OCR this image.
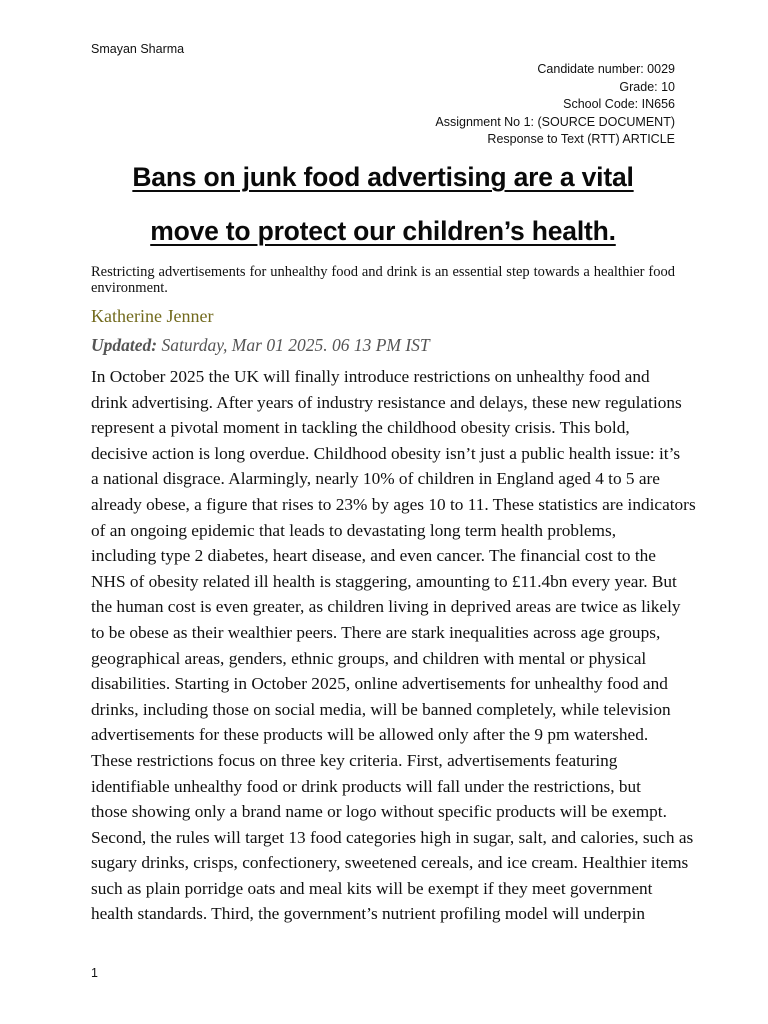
Smayan Sharma
Candidate number: 0029
Grade: 10
School Code: IN656
Assignment No 1: (SOURCE DOCUMENT)
Response to Text (RTT) ARTICLE
Bans on junk food advertising are a vital
move to protect our children’s health.
Restricting advertisements for unhealthy food and drink is an essential step towards a healthier food environment.
Katherine Jenner
Updated: Saturday, Mar 01 2025. 06 13 PM IST
In October 2025 the UK will finally introduce restrictions on unhealthy food and
drink advertising. After years of industry resistance and delays, these new regulations
represent a pivotal moment in tackling the childhood obesity crisis. This bold,
decisive action is long overdue. Childhood obesity isn’t just a public health issue: it’s
a national disgrace. Alarmingly, nearly 10% of children in England aged 4 to 5 are
already obese, a figure that rises to 23% by ages 10 to 11. These statistics are indicators
of an ongoing epidemic that leads to devastating long term health problems,
including type 2 diabetes, heart disease, and even cancer. The financial cost to the
NHS of obesity related ill health is staggering, amounting to £11.4bn every year. But
the human cost is even greater, as children living in deprived areas are twice as likely
to be obese as their wealthier peers. There are stark inequalities across age groups,
geographical areas, genders, ethnic groups, and children with mental or physical
disabilities. Starting in October 2025, online advertisements for unhealthy food and
drinks, including those on social media, will be banned completely, while television
advertisements for these products will be allowed only after the 9 pm watershed.
These restrictions focus on three key criteria. First, advertisements featuring
identifiable unhealthy food or drink products will fall under the restrictions, but
those showing only a brand name or logo without specific products will be exempt.
Second, the rules will target 13 food categories high in sugar, salt, and calories, such as
sugary drinks, crisps, confectionery, sweetened cereals, and ice cream. Healthier items
such as plain porridge oats and meal kits will be exempt if they meet government
health standards. Third, the government’s nutrient profiling model will underpin
1
